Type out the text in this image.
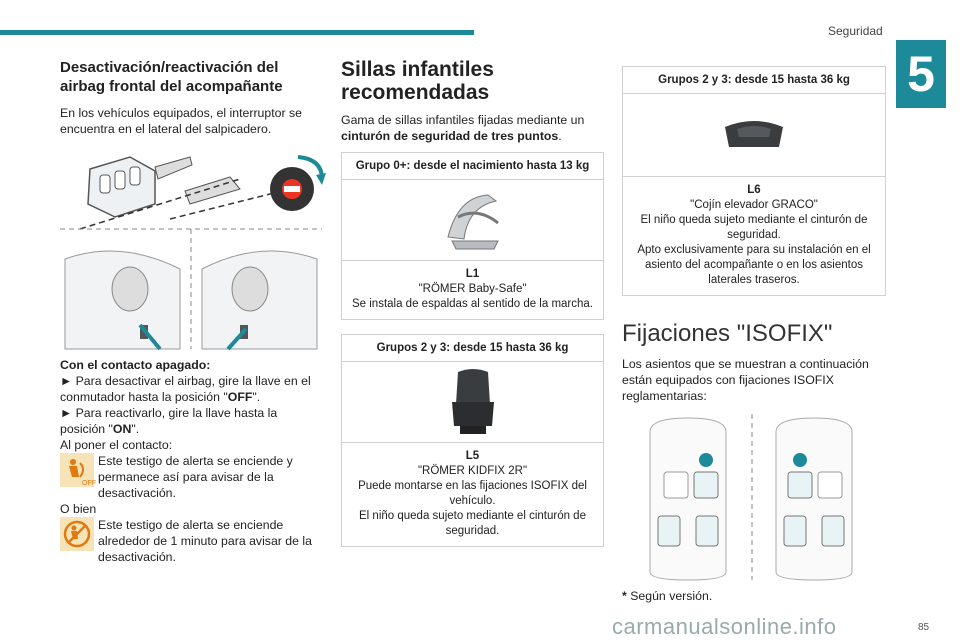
Seguridad
5
Desactivación/reactivación del airbag frontal del acompañante

En los vehículos equipados, el interruptor se encuentra en el lateral del salpicadero.

Con el contacto apagado:

► Para desactivar el airbag, gire la llave en el conmutador hasta la posición "OFF".

► Para reactivarlo, gire la llave hasta la posición "ON".

Al poner el contacto:

OFF

Este testigo de alerta se enciende y permanece así para avisar de la desactivación.

O bien

Este testigo de alerta se enciende alrededor de 1 minuto para avisar de la desactivación.

Sillas infantiles recomendadas

Gama de sillas infantiles fijadas mediante un cinturón de seguridad de tres puntos.

Grupo 0+: desde el nacimiento hasta 13 kg
L1
"RÖMER Baby-Safe"
Se instala de espaldas al sentido de la marcha.
Grupos 2 y 3: desde 15 hasta 36 kg
L5
"RÖMER KIDFIX 2R"
Puede montarse en las fijaciones ISOFIX del vehículo.
El niño queda sujeto mediante el cinturón de seguridad.
Grupos 2 y 3: desde 15 hasta 36 kg
L6
"Cojín elevador GRACO"
El niño queda sujeto mediante el cinturón de seguridad.
Apto exclusivamente para su instalación en el asiento del acompañante o en los asientos laterales traseros.
Fijaciones "ISOFIX"

Los asientos que se muestran a continuación están equipados con fijaciones ISOFIX reglamentarias:

* Según versión.

carmanualsonline.info	85
